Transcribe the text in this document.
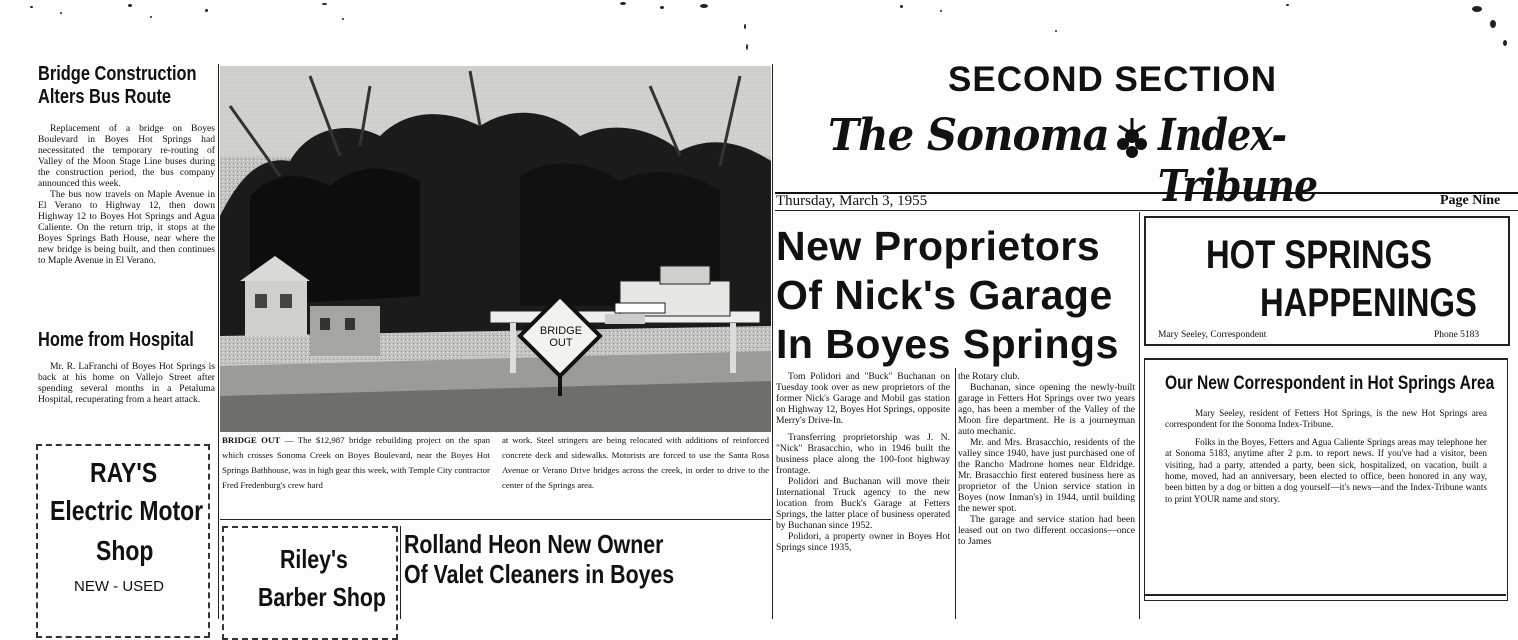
Bridge Construction
Alters Bus Route

Replacement of a bridge on Boyes Boulevard in Boyes Hot Springs had necessitated the temporary re-routing of Valley of the Moon Stage Line buses during the construction period, the bus company announced this week.

The bus now travels on Maple Avenue in El Verano to Highway 12, then down Highway 12 to Boyes Hot Springs and Agua Caliente. On the return trip, it stops at the Boyes Springs Bath House, near where the new bridge is being built, and then continues to Maple Avenue in El Verano.

Home from Hospital

Mr. R. LaFranchi of Boyes Hot Springs is back at his home on Vallejo Street after spending several months in a Petaluma Hospital, recuperating from a heart attack.

RAY'S
Electric Motor
Shop
NEW - USED
BRIDGE OUT
BRIDGE OUT — The $12,987 bridge rebuilding project on the span which crosses Sonoma Creek on Boyes Boulevard, near the Boyes Hot Springs Bathhouse, was in high gear this week, with Temple City contractor Fred Fredenburg's crew hard
at work. Steel stringers are being relocated with additions of reinforced concrete deck and sidewalks. Motorists are forced to use the Santa Rosa Avenue or Verano Drive bridges across the creek, in order to drive to the center of the Springs area.
Riley's
Barber Shop
Rolland Heon New Owner
Of Valet Cleaners in Boyes
SECOND SECTION
The Sonoma Index-Tribune
Thursday, March 3, 1955	Page Nine
New Proprietors
Of Nick's Garage
In Boyes Springs

Tom Polidori and "Buck" Buchanan on Tuesday took over as new proprietors of the former Nick's Garage and Mobil gas station on Highway 12, Boyes Hot Springs, opposite Merry's Drive-In.

Transferring proprietorship was J. N. "Nick" Brasacchio, who in 1946 built the business place along the 100-foot highway frontage.

Polidori and Buchanan will move their International Truck agency to the new location from Buck's Garage at Fetters Springs, the latter place of business operated by Buchanan since 1952.

Polidori, a property owner in Boyes Hot Springs since 1935,

the Rotary club.

Buchanan, since opening the newly-built garage in Fetters Hot Springs over two years ago, has been a member of the Valley of the Moon fire department. He is a journeyman auto mechanic.

Mr. and Mrs. Brasacchio, residents of the valley since 1940, have just purchased one of the Rancho Madrone homes near Eldridge. Mr. Brasacchio first entered business here as proprietor of the Union service station in Boyes (now Inman's) in 1944, until building the newer spot.

The garage and service station had been leased out on two different occasions—once to James

HOT SPRINGS
HAPPENINGS
Mary Seeley, Correspondent	Phone 5183
Our New Correspondent in Hot Springs Area

Mary Seeley, resident of Fetters Hot Springs, is the new Hot Springs area correspondent for the Sonoma Index-Tribune.

Folks in the Boyes, Fetters and Agua Caliente Springs areas may telephone her at Sonoma 5183, anytime after 2 p.m. to report news. If you've had a visitor, been visiting, had a party, attended a party, been sick, hospitalized, on vacation, built a home, moved, had an anniversary, been elected to office, been honored in any way, been bitten by a dog or bitten a dog yourself—it's news—and the Index-Tribune wants to print YOUR name and story.
